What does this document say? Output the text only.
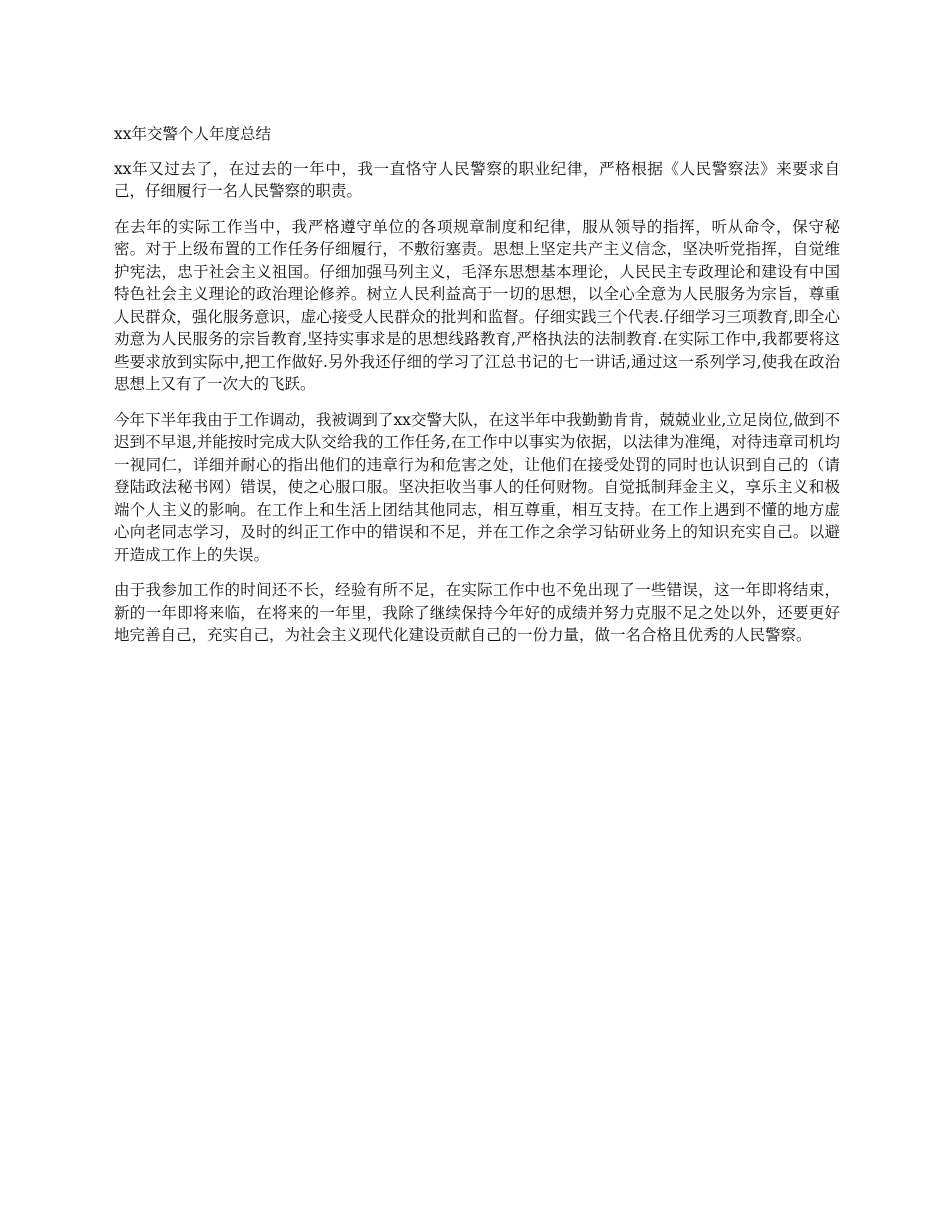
xx年交警个人年度总结

xx年又过去了，在过去的一年中，我一直恪守人民警察的职业纪律，严格根据《人民警察法》来要求自己，仔细履行一名人民警察的职责。

在去年的实际工作当中，我严格遵守单位的各项规章制度和纪律，服从领导的指挥，听从命令，保守秘密。对于上级布置的工作任务仔细履行，不敷衍塞责。思想上坚定共产主义信念，坚决听党指挥，自觉维护宪法，忠于社会主义祖国。仔细加强马列主义，毛泽东思想基本理论，人民民主专政理论和建设有中国特色社会主义理论的政治理论修养。树立人民利益高于一切的思想，以全心全意为人民服务为宗旨，尊重人民群众，强化服务意识，虚心接受人民群众的批判和监督。仔细实践三个代表.仔细学习三项教育,即全心劝意为人民服务的宗旨教育,坚持实事求是的思想线路教育,严格执法的法制教育.在实际工作中,我都要将这些要求放到实际中,把工作做好.另外我还仔细的学习了江总书记的七一讲话,通过这一系列学习,使我在政治思想上又有了一次大的飞跃。

今年下半年我由于工作调动，我被调到了xx交警大队，在这半年中我勤勤肯肯，兢兢业业,立足岗位,做到不迟到不早退,并能按时完成大队交给我的工作任务,在工作中以事实为依据，以法律为准绳，对待违章司机均一视同仁，详细并耐心的指出他们的违章行为和危害之处，让他们在接受处罚的同时也认识到自己的（请登陆政法秘书网）错误，使之心服口服。坚决拒收当事人的任何财物。自觉抵制拜金主义，享乐主义和极端个人主义的影响。在工作上和生活上团结其他同志，相互尊重，相互支持。在工作上遇到不懂的地方虚心向老同志学习，及时的纠正工作中的错误和不足，并在工作之余学习钻研业务上的知识充实自己。以避开造成工作上的失误。

由于我参加工作的时间还不长，经验有所不足，在实际工作中也不免出现了一些错误，这一年即将结束，新的一年即将来临，在将来的一年里，我除了继续保持今年好的成绩并努力克服不足之处以外，还要更好地完善自己，充实自己，为社会主义现代化建设贡献自己的一份力量，做一名合格且优秀的人民警察。
